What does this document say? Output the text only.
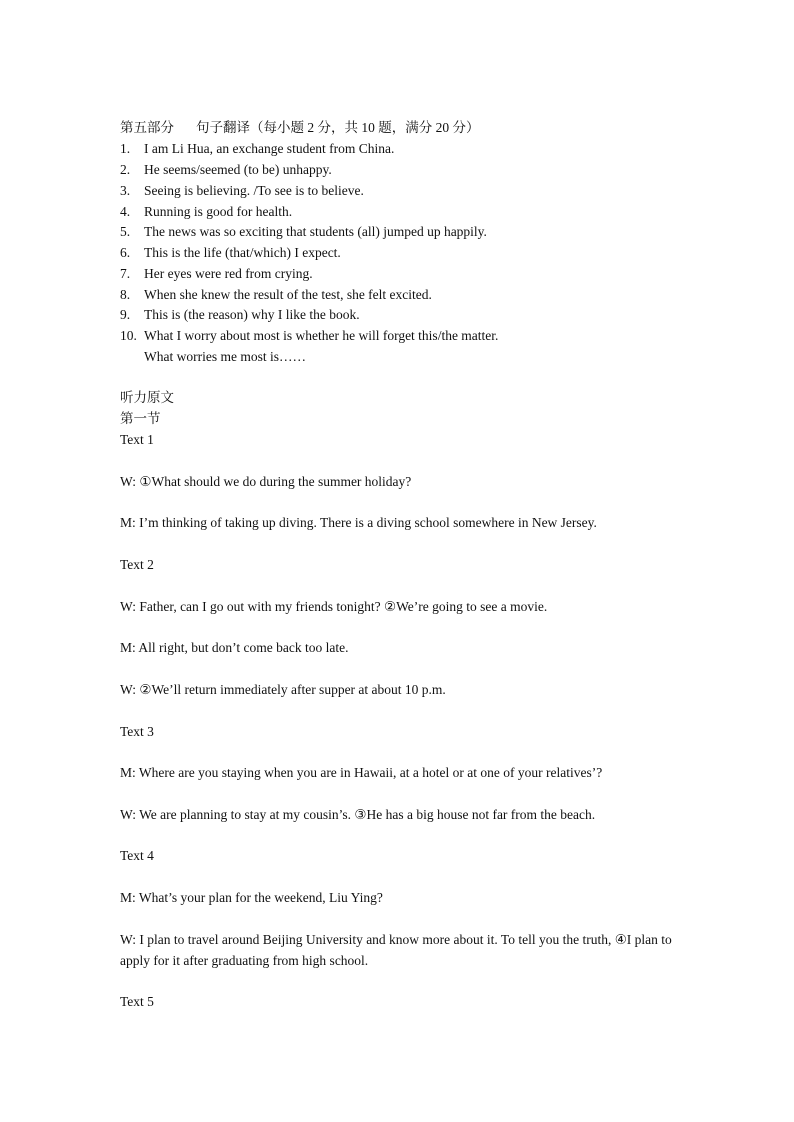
第五部分 句子翻译（每小题 2 分，共 10 题，满分 20 分）
1. I am Li Hua, an exchange student from China.
2. He seems/seemed (to be) unhappy.
3. Seeing is believing. /To see is to believe.
4. Running is good for health.
5. The news was so exciting that students (all) jumped up happily.
6. This is the life (that/which) I expect.
7. Her eyes were red from crying.
8. When she knew the result of the test, she felt excited.
9. This is (the reason) why I like the book.
10. What I worry about most is whether he will forget this/the matter.
What worries me most is……
听力原文
第一节
Text 1
W: ①What should we do during the summer holiday?
M: I’m thinking of taking up diving. There is a diving school somewhere in New Jersey.
Text 2
W: Father, can I go out with my friends tonight? ②We’re going to see a movie.
M: All right, but don’t come back too late.
W: ②We’ll return immediately after supper at about 10 p.m.
Text 3
M: Where are you staying when you are in Hawaii, at a hotel or at one of your relatives’?
W: We are planning to stay at my cousin’s. ③He has a big house not far from the beach.
Text 4
M: What’s your plan for the weekend, Liu Ying?
W: I plan to travel around Beijing University and know more about it. To tell you the truth, ④I plan to apply for it after graduating from high school.
Text 5
